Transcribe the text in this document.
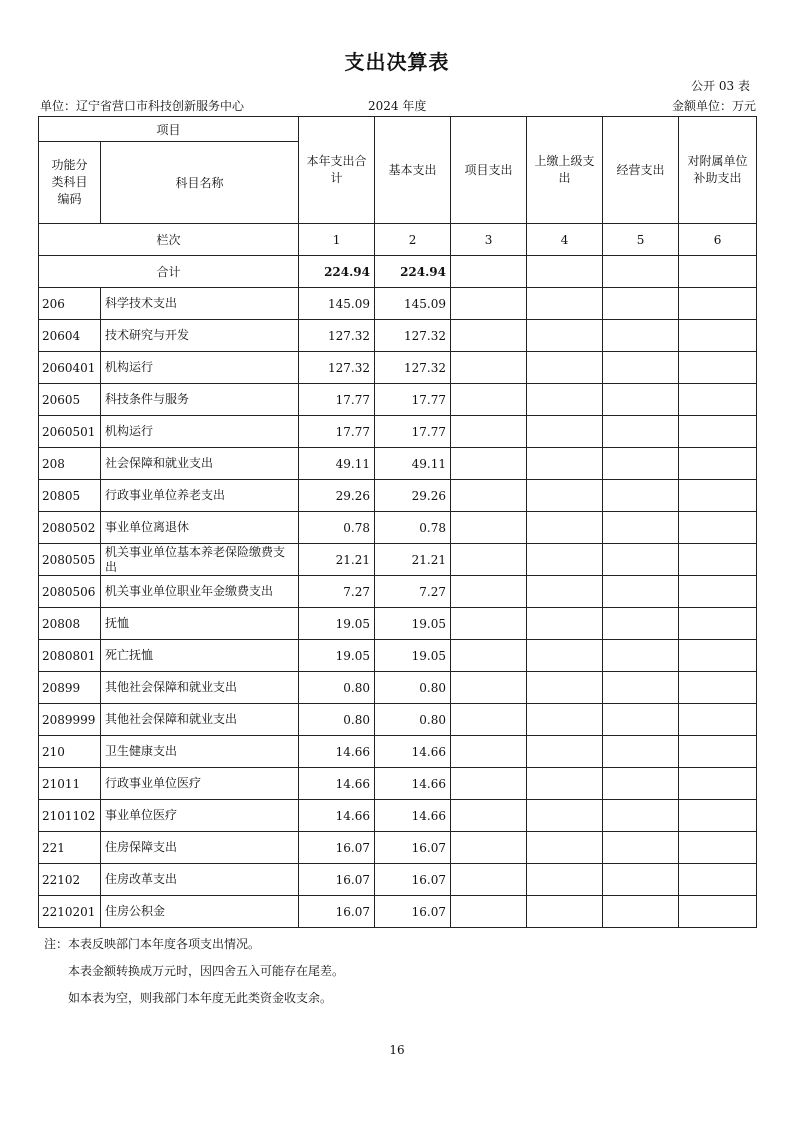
支出决算表
公开 03 表
单位：辽宁省营口市科技创新服务中心	2024 年度	金额单位：万元
项目		本年支出合计	基本支出	项目支出	上缴上级支出	经营支出	对附属单位补助支出
功能分类科目编码	科目名称						
栏次		1	2	3	4	5	6
合计		224.94	224.94				
206	科学技术支出	145.09	145.09				
20604	技术研究与开发	127.32	127.32				
2060401	机构运行	127.32	127.32				
20605	科技条件与服务	17.77	17.77				
2060501	机构运行	17.77	17.77				
208	社会保障和就业支出	49.11	49.11				
20805	行政事业单位养老支出	29.26	29.26				
2080502	事业单位离退休	0.78	0.78				
2080505	机关事业单位基本养老保险缴费支出	21.21	21.21				
2080506	机关事业单位职业年金缴费支出	7.27	7.27				
20808	抚恤	19.05	19.05				
2080801	死亡抚恤	19.05	19.05				
20899	其他社会保障和就业支出	0.80	0.80				
2089999	其他社会保障和就业支出	0.80	0.80				
210	卫生健康支出	14.66	14.66				
21011	行政事业单位医疗	14.66	14.66				
2101102	事业单位医疗	14.66	14.66				
221	住房保障支出	16.07	16.07				
22102	住房改革支出	16.07	16.07				
2210201	住房公积金	16.07	16.07				
注：本表反映部门本年度各项支出情况。
本表金额转换成万元时，因四舍五入可能存在尾差。
如本表为空，则我部门本年度无此类资金收支余。
16
